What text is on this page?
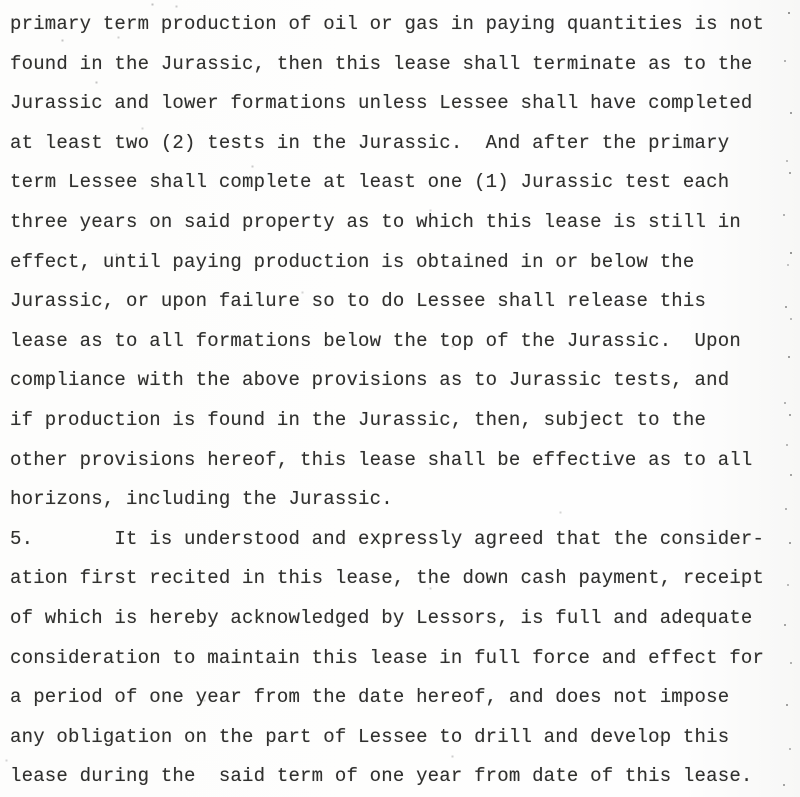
primary term production of oil or gas in paying quantities is not
found in the Jurassic, then this lease shall terminate as to the
Jurassic and lower formations unless Lessee shall have completed
at least two (2) tests in the Jurassic.  And after the primary
term Lessee shall complete at least one (1) Jurassic test each
three years on said property as to which this lease is still in
effect, until paying production is obtained in or below the
Jurassic, or upon failure so to do Lessee shall release this
lease as to all formations below the top of the Jurassic.  Upon
compliance with the above provisions as to Jurassic tests, and
if production is found in the Jurassic, then, subject to the
other provisions hereof, this lease shall be effective as to all
horizons, including the Jurassic.
5.       It is understood and expressly agreed that the consider-
ation first recited in this lease, the down cash payment, receipt
of which is hereby acknowledged by Lessors, is full and adequate
consideration to maintain this lease in full force and effect for
a period of one year from the date hereof, and does not impose
any obligation on the part of Lessee to drill and develop this
lease during the  said term of one year from date of this lease.
